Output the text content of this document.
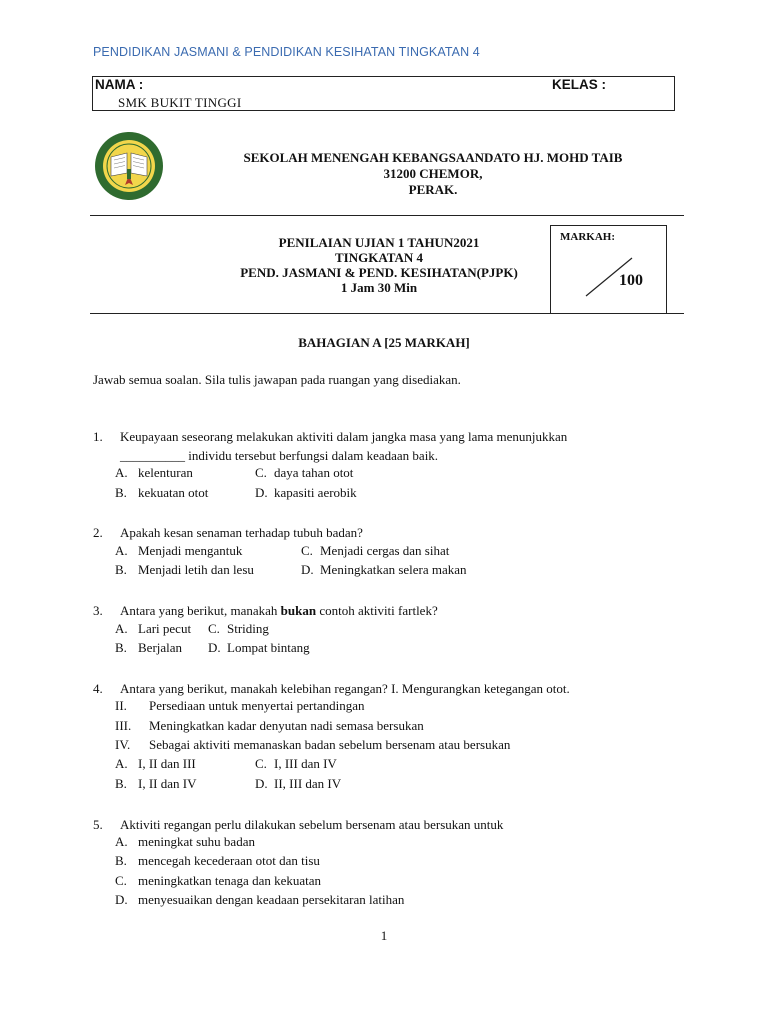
PENDIDIKAN JASMANI & PENDIDIKAN KESIHATAN TINGKATAN 4
NAMA :	KELAS :
SMK BUKIT TINGGI
SEKOLAH MENENGAH KEBANGSAANDATO HJ. MOHD TAIB
31200 CHEMOR,
PERAK.
PENILAIAN UJIAN 1 TAHUN2021
TINGKATAN 4
PEND. JASMANI & PEND. KESIHATAN(PJPK)
1 Jam 30 Min
MARKAH:
100
BAHAGIAN A [25 MARKAH]
Jawab semua soalan. Sila tulis jawapan pada ruangan yang disediakan.
1. Keupayaan seseorang melakukan aktiviti dalam jangka masa yang lama menunjukkan
__________ individu tersebut berfungsi dalam keadaan baik.
A. kelenturan	C. daya tahan otot
B. kekuatan otot	D. kapasiti aerobik
2. Apakah kesan senaman terhadap tubuh badan?
A. Menjadi mengantuk	C. Menjadi cergas dan sihat
B. Menjadi letih dan lesu	D. Meningkatkan selera makan
3. Antara yang berikut, manakah bukan contoh aktiviti fartlek?
A. Lari pecut C. Striding
B. Berjalan D. Lompat bintang
4. Antara yang berikut, manakah kelebihan regangan? I. Mengurangkan ketegangan otot.
II. Persediaan untuk menyertai pertandingan
III. Meningkatkan kadar denyutan nadi semasa bersukan
IV. Sebagai aktiviti memanaskan badan sebelum bersenam atau bersukan
A. I, II dan III	C. I, III dan IV
B. I, II dan IV	D. II, III dan IV
5. Aktiviti regangan perlu dilakukan sebelum bersenam atau bersukan untuk
A. meningkat suhu badan
B. mencegah kecederaan otot dan tisu
C. meningkatkan tenaga dan kekuatan
D. menyesuaikan dengan keadaan persekitaran latihan
1
